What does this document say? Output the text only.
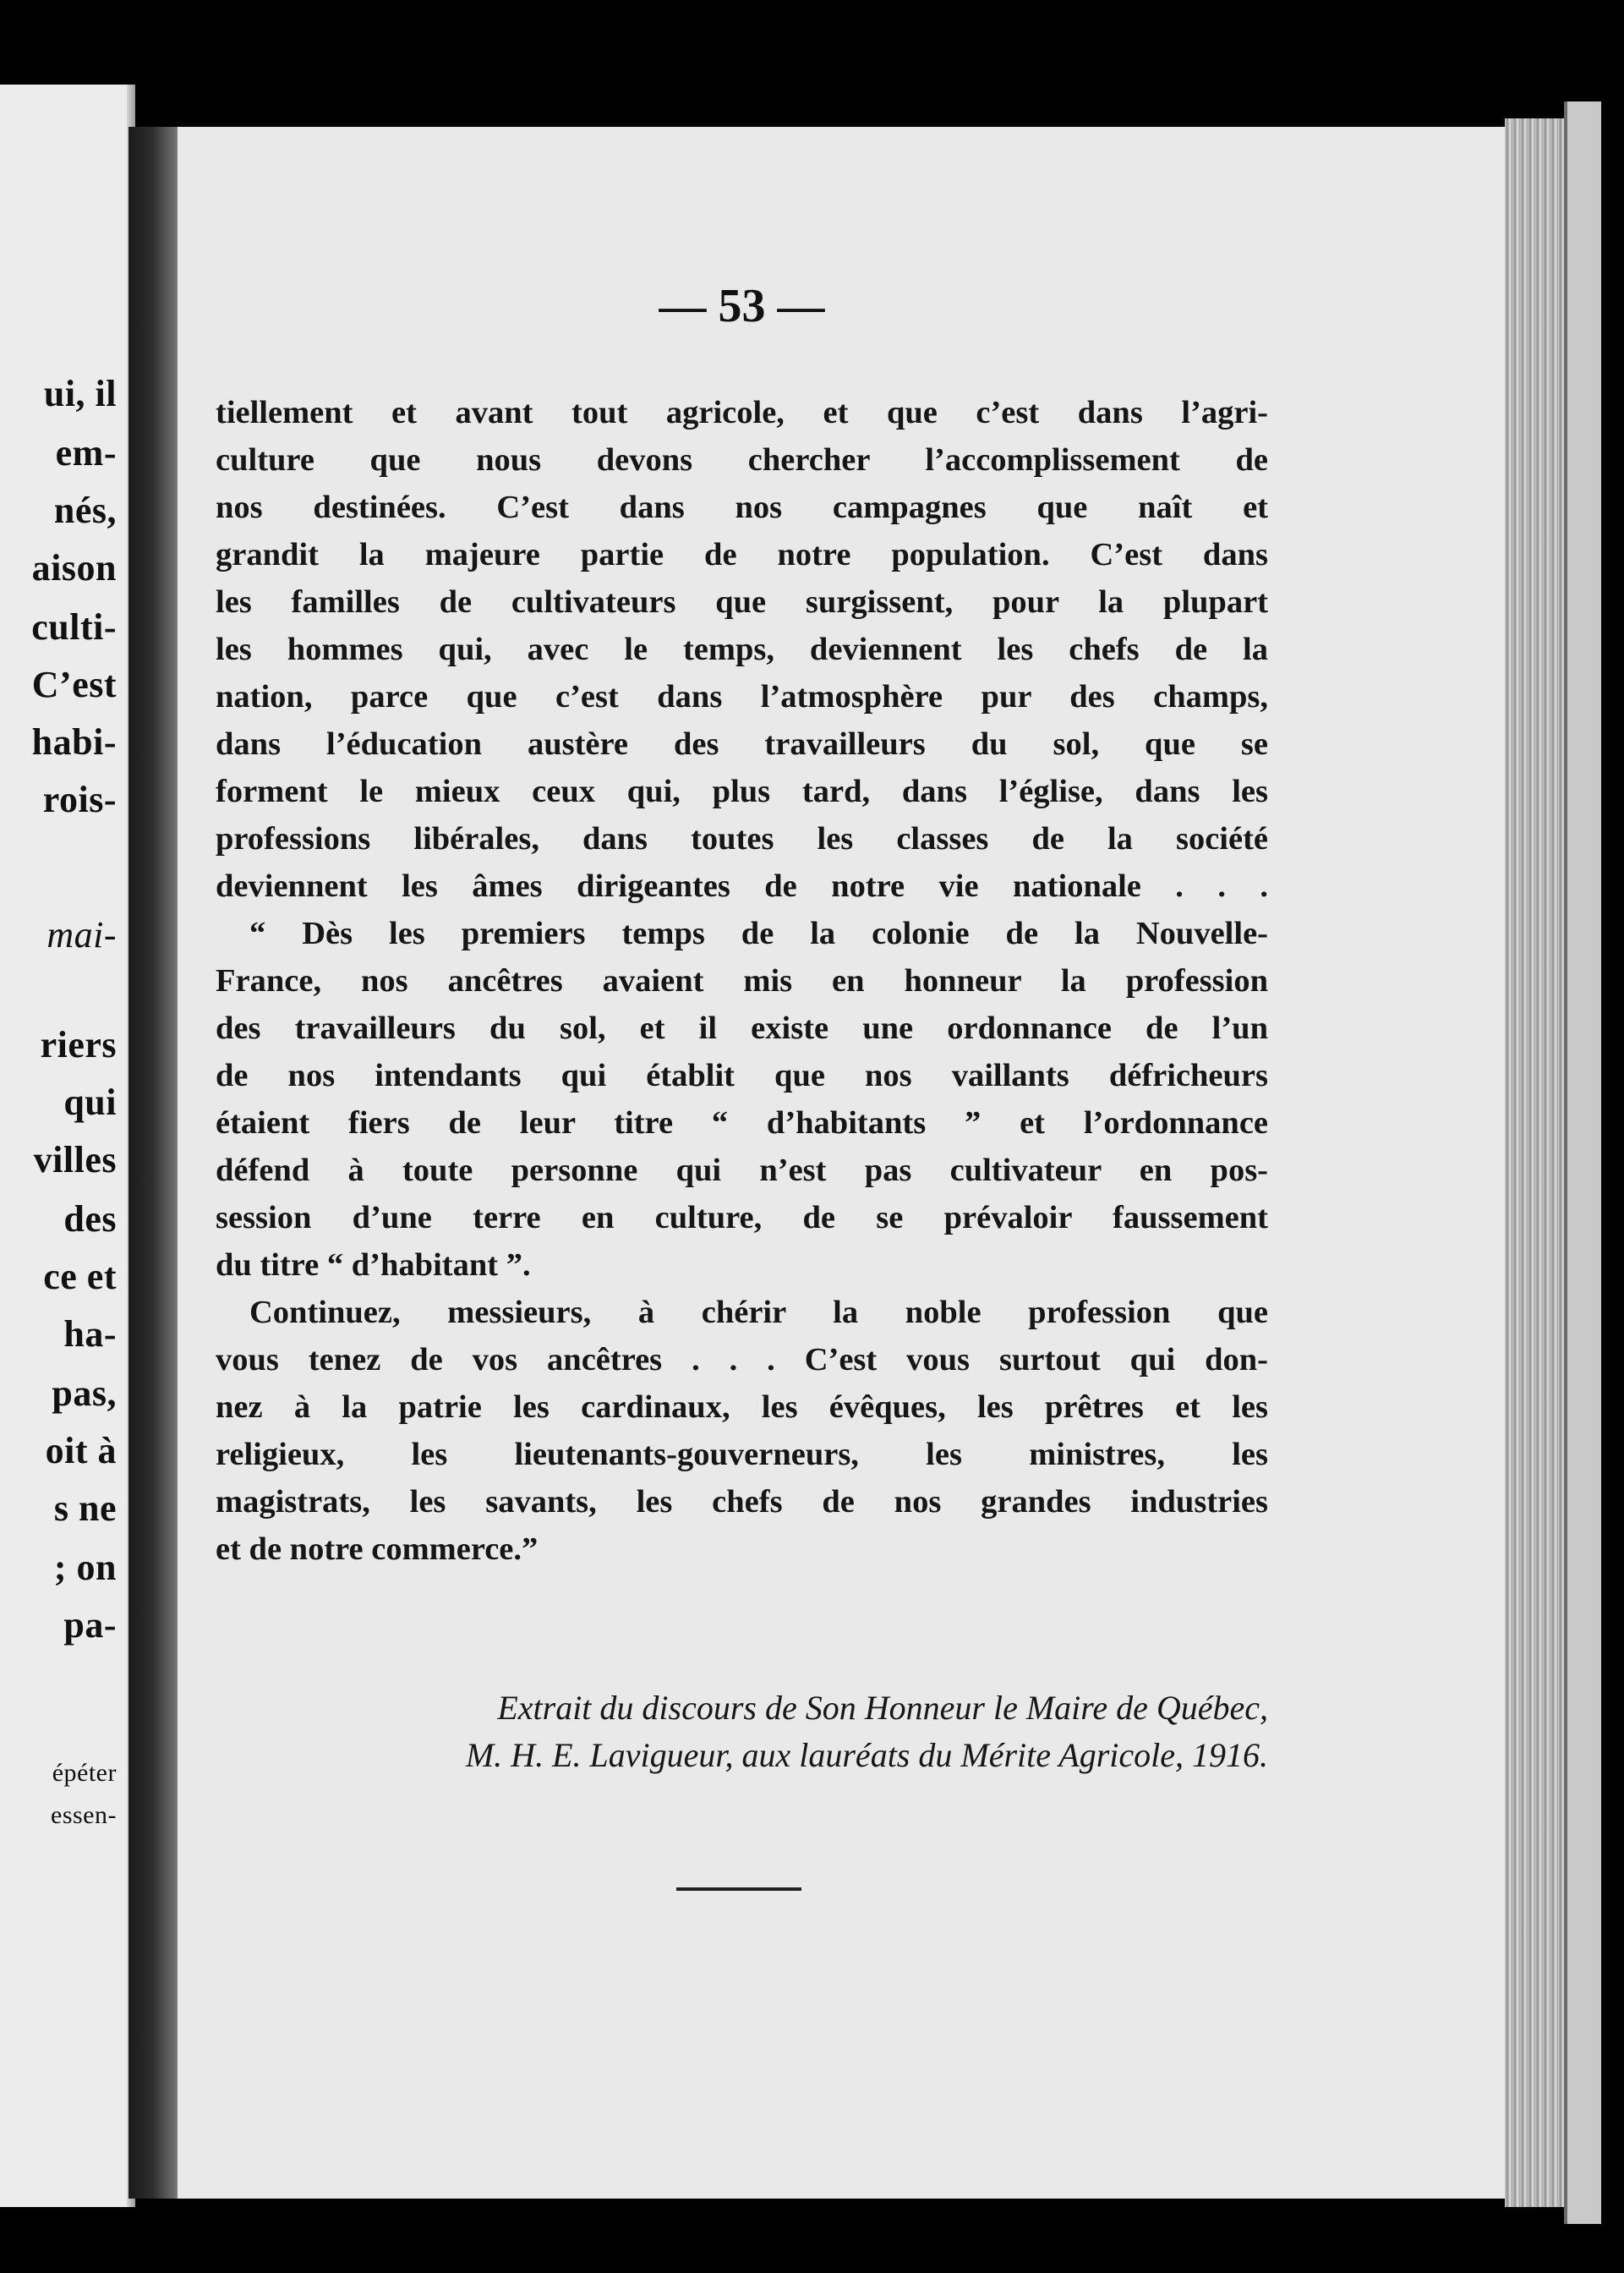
ui, il

em-

nés,

aison

culti-

C’est

habi-

rois-

mai-

riers

qui

villes

des

ce et

ha-

pas,

oit à

s ne

; on

pa-

épéter

essen-

— 53 —

tiellement et avant tout agricole, et que c’est dans l’agri-
culture que nous devons chercher l’accomplissement de
nos destinées. C’est dans nos campagnes que naît et
grandit la majeure partie de notre population. C’est dans
les familles de cultivateurs que surgissent, pour la plupart
les hommes qui, avec le temps, deviennent les chefs de la
nation, parce que c’est dans l’atmosphère pur des champs,
dans l’éducation austère des travailleurs du sol, que se
forment le mieux ceux qui, plus tard, dans l’église, dans les
professions libérales, dans toutes les classes de la société
deviennent les âmes dirigeantes de notre vie nationale . . .
“ Dès les premiers temps de la colonie de la Nouvelle-
France, nos ancêtres avaient mis en honneur la profession
des travailleurs du sol, et il existe une ordonnance de l’un
de nos intendants qui établit que nos vaillants défricheurs
étaient fiers de leur titre “ d’habitants ” et l’ordonnance
défend à toute personne qui n’est pas cultivateur en pos-
session d’une terre en culture, de se prévaloir faussement
du titre “ d’habitant ”.
Continuez, messieurs, à chérir la noble profession que
vous tenez de vos ancêtres . . . C’est vous surtout qui don-
nez à la patrie les cardinaux, les évêques, les prêtres et les
religieux, les lieutenants-gouverneurs, les ministres, les
magistrats, les savants, les chefs de nos grandes industries
et de notre commerce.”
Extrait du discours de Son Honneur le Maire de Québec,
M. H. E. Lavigueur, aux lauréats du Mérite Agricole, 1916.
